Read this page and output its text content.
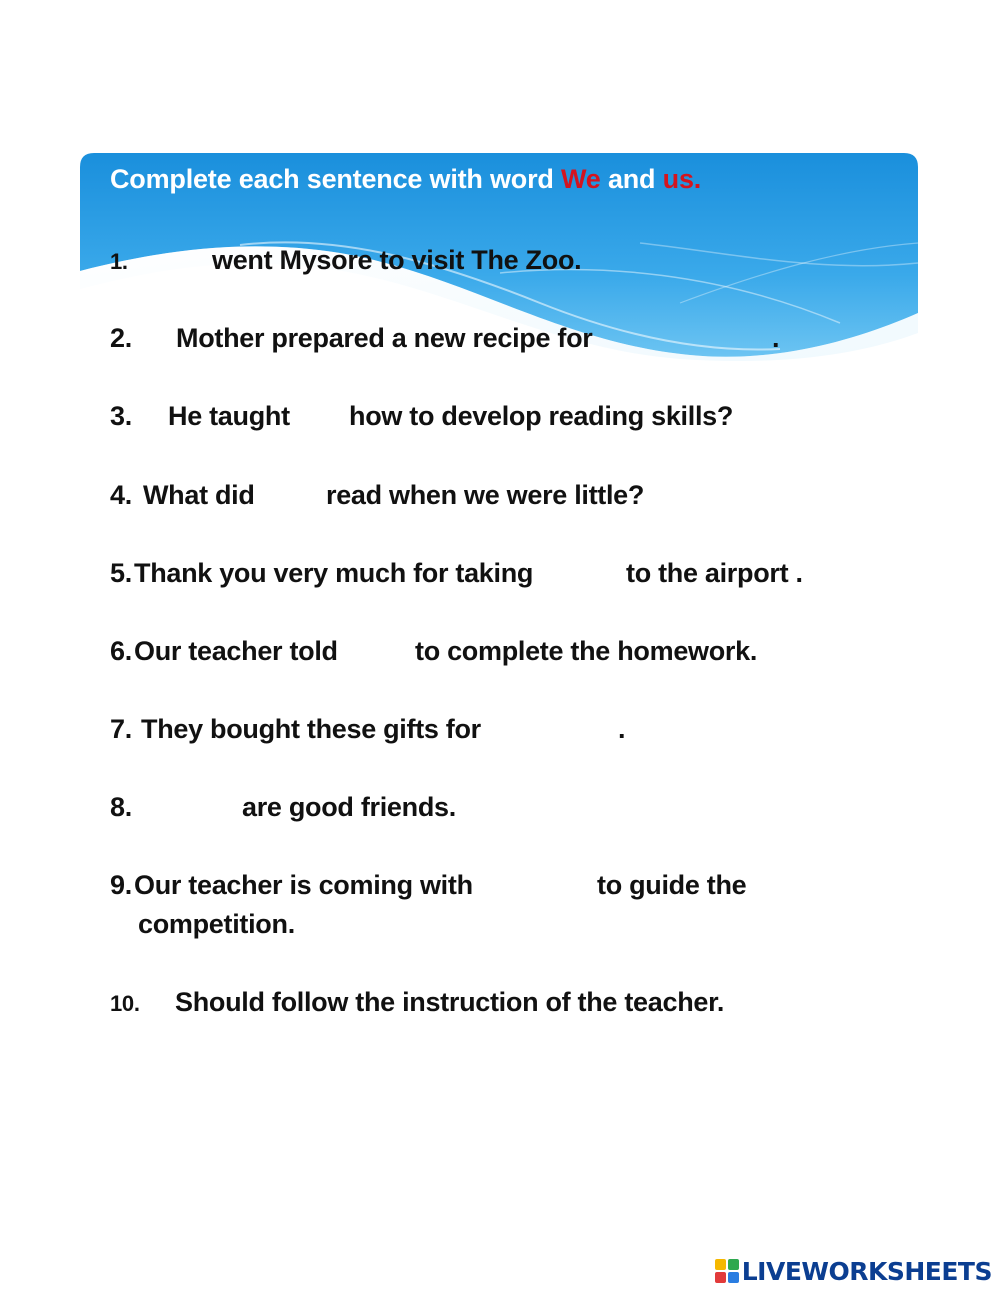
Complete each sentence with word We and us.
1.	went Mysore to visit The Zoo.
2. Mother prepared a new recipe for	.
3. He taught how to develop reading skills?
4. What did	read when we were little?
5. Thank you very much for taking	to the airport .
6. Our teacher told	to complete the homework.
7. They bought these gifts for	.
8.	are good friends.
9. Our teacher is coming with	to guide the
competition.
10. Should follow the instruction of the teacher.
LIVEWORKSHEETS
